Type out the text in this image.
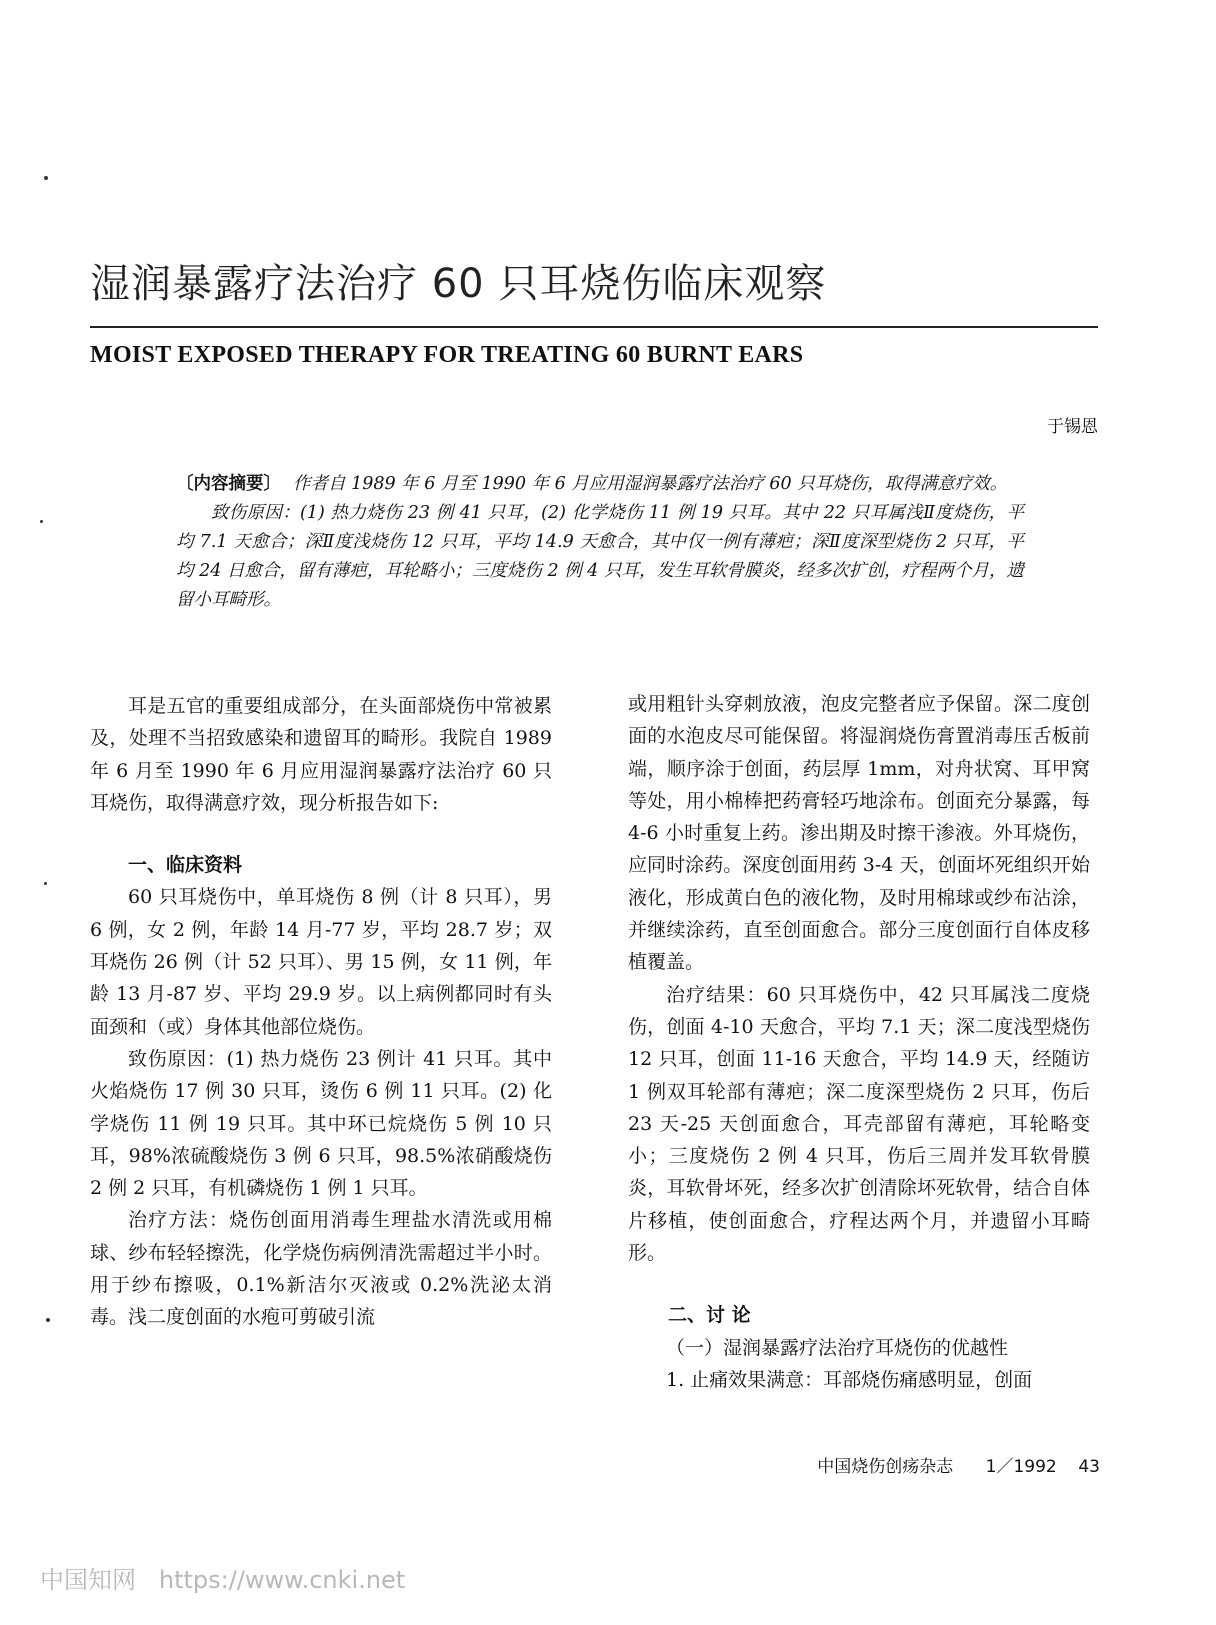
湿润暴露疗法治疗 60 只耳烧伤临床观察
MOIST EXPOSED THERAPY FOR TREATING 60 BURNT EARS
于锡恩

〔内容摘要〕 作者自 1989 年 6 月至 1990 年 6 月应用湿润暴露疗法治疗 60 只耳烧伤，取得满意疗效。

致伤原因：(1) 热力烧伤 23 例 41 只耳，(2) 化学烧伤 11 例 19 只耳。其中 22 只耳属浅Ⅱ度烧伤，平均 7.1 天愈合；深Ⅱ度浅烧伤 12 只耳，平均 14.9 天愈合，其中仅一例有薄疤；深Ⅱ度深型烧伤 2 只耳，平均 24 日愈合，留有薄疤，耳轮略小；三度烧伤 2 例 4 只耳，发生耳软骨膜炎，经多次扩创，疗程两个月，遗留小耳畸形。

耳是五官的重要组成部分，在头面部烧伤中常被累及，处理不当招致感染和遗留耳的畸形。我院自 1989 年 6 月至 1990 年 6 月应用湿润暴露疗法治疗 60 只耳烧伤，取得满意疗效，现分析报告如下:

一、临床资料

60 只耳烧伤中，单耳烧伤 8 例（计 8 只耳），男 6 例，女 2 例，年龄 14 月-77 岁，平均 28.7 岁；双耳烧伤 26 例（计 52 只耳）、男 15 例，女 11 例，年龄 13 月-87 岁、平均 29.9 岁。以上病例都同时有头面颈和（或）身体其他部位烧伤。

致伤原因：(1) 热力烧伤 23 例计 41 只耳。其中火焰烧伤 17 例 30 只耳，烫伤 6 例 11 只耳。(2) 化学烧伤 11 例 19 只耳。其中环已烷烧伤 5 例 10 只耳，98%浓硫酸烧伤 3 例 6 只耳，98.5%浓硝酸烧伤 2 例 2 只耳，有机磷烧伤 1 例 1 只耳。

治疗方法：烧伤创面用消毒生理盐水清洗或用棉球、纱布轻轻擦洗，化学烧伤病例清洗需超过半小时。用于纱布擦吸，0.1%新洁尔灭液或 0.2%洗泌太消毒。浅二度创面的水疱可剪破引流

或用粗针头穿刺放液，泡皮完整者应予保留。深二度创面的水泡皮尽可能保留。将湿润烧伤膏置消毒压舌板前端，顺序涂于创面，药层厚 1mm，对舟状窝、耳甲窝等处，用小棉棒把药膏轻巧地涂布。创面充分暴露，每 4-6 小时重复上药。渗出期及时擦干渗液。外耳烧伤，应同时涂药。深度创面用药 3-4 天，创面坏死组织开始液化，形成黄白色的液化物，及时用棉球或纱布沾涂，并继续涂药，直至创面愈合。部分三度创面行自体皮移植覆盖。

治疗结果：60 只耳烧伤中，42 只耳属浅二度烧伤，创面 4-10 天愈合，平均 7.1 天；深二度浅型烧伤 12 只耳，创面 11-16 天愈合，平均 14.9 天，经随访 1 例双耳轮部有薄疤；深二度深型烧伤 2 只耳，伤后 23 天-25 天创面愈合，耳壳部留有薄疤，耳轮略变小；三度烧伤 2 例 4 只耳，伤后三周并发耳软骨膜炎，耳软骨坏死，经多次扩创清除坏死软骨，结合自体片移植，使创面愈合，疗程达两个月，并遗留小耳畸形。

二、讨 论

（一）湿润暴露疗法治疗耳烧伤的优越性

1. 止痛效果满意：耳部烧伤痛感明显，创面

中国烧伤创疡杂志 1／1992 43
中国知网 https://www.cnki.net
